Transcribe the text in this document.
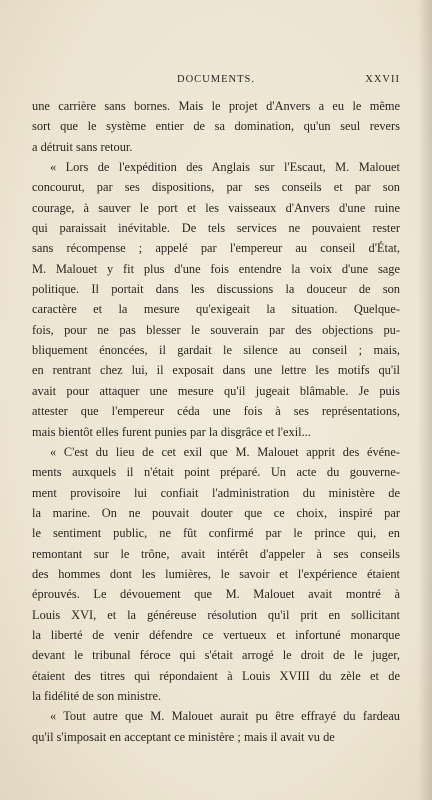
DOCUMENTS.	XXVII

une carrière sans bornes. Mais le projet d'Anvers a eu le même
sort que le système entier de sa domination, qu'un seul revers
a détruit sans retour.

« Lors de l'expédition des Anglais sur l'Escaut, M. Malouet
concourut, par ses dispositions, par ses conseils et par son
courage, à sauver le port et les vaisseaux d'Anvers d'une ruine
qui paraissait inévitable. De tels services ne pouvaient rester
sans récompense ; appelé par l'empereur au conseil d'État,
M. Malouet y fit plus d'une fois entendre la voix d'une sage
politique. Il portait dans les discussions la douceur de son
caractère et la mesure qu'exigeait la situation. Quelque-
fois, pour ne pas blesser le souverain par des objections pu-
bliquement énoncées, il gardait le silence au conseil ; mais,
en rentrant chez lui, il exposait dans une lettre les motifs qu'il
avait pour attaquer une mesure qu'il jugeait blâmable. Je puis
attester que l'empereur céda une fois à ses représentations,
mais bientôt elles furent punies par la disgrâce et l'exil...

« C'est du lieu de cet exil que M. Malouet apprit des événe-
ments auxquels il n'était point préparé. Un acte du gouverne-
ment provisoire lui confiait l'administration du ministère de
la marine. On ne pouvait douter que ce choix, inspiré par
le sentiment public, ne fût confirmé par le prince qui, en
remontant sur le trône, avait intérêt d'appeler à ses conseils
des hommes dont les lumières, le savoir et l'expérience étaient
éprouvés. Le dévouement que M. Malouet avait montré à
Louis XVI, et la généreuse résolution qu'il prit en sollicitant
la liberté de venir défendre ce vertueux et infortuné monarque
devant le tribunal féroce qui s'était arrogé le droit de le juger,
étaient des titres qui répondaient à Louis XVIII du zèle et de
la fidélité de son ministre.

« Tout autre que M. Malouet aurait pu être effrayé du fardeau
qu'il s'imposait en acceptant ce ministère ; mais il avait vu de
